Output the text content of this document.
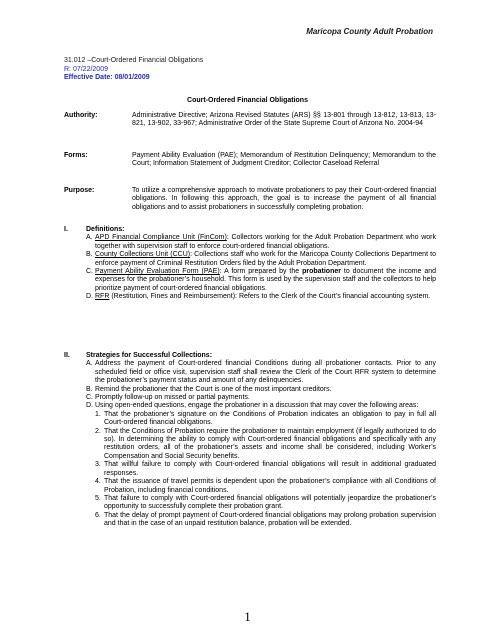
Maricopa County Adult Probation
31.012 –Court-Ordered Financial Obligations
R: 07/22/2009
Effective Date: 08/01/2009
Court-Ordered Financial Obligations
Authority:	Administrative Directive; Arizona Revised Statutes (ARS) §§ 13-801 through 13-812, 13-813, 13-821, 13-902, 33-967; Administrative Order of the State Supreme Court of Arizona No. 2004-94
Forms:	Payment Ability Evaluation (PAE); Memorandum of Restitution Delinquency; Memorandum to the Court; Information Statement of Judgment Creditor; Collector Caseload Referral
Purpose:	To utilize a comprehensive approach to motivate probationers to pay their Court-ordered financial obligations. In following this approach, the goal is to increase the payment of all financial obligations and to assist probationers in successfully completing probation.
I.	Definitions:
A. APD Financial Compliance Unit (FinCom): Collectors working for the Adult Probation Department who work together with supervision staff to enforce court-ordered financial obligations.
B. County Collections Unit (CCU): Collections staff who work for the Maricopa County Collections Department to enforce payment of Criminal Restitution Orders filed by the Adult Probation Department.
C. Payment Ability Evaluation Form (PAE): A form prepared by the probationer to document the income and expenses for the probationer’s household. This form is used by the supervision staff and the collectors to help prioritize payment of court-ordered financial obligations.
D. RFR (Restitution, Fines and Reimbursement): Refers to the Clerk of the Court’s financial accounting system.
II. Strategies for Successful Collections:
A. Address the payment of Court-ordered financial Conditions during all probationer contacts. Prior to any scheduled field or office visit, supervision staff shall review the Clerk of the Court RFR system to determine the probationer’s payment status and amount of any delinquencies.
B. Remind the probationer that the Court is one of the most important creditors.
C. Promptly follow-up on missed or partial payments.
D. Using open-ended questions, engage the probationer in a discussion that may cover the following areas:
1. That the probationer’s signature on the Conditions of Probation indicates an obligation to pay in full all Court-ordered financial obligations.
2. That the Conditions of Probation require the probationer to maintain employment (if legally authorized to do so). In determining the ability to comply with Court-ordered financial obligations and specifically with any restitution orders, all of the probationer’s assets and income shall be considered, including Worker’s Compensation and Social Security benefits.
3. That willful failure to comply with Court-ordered financial obligations will result in additional graduated responses.
4. That the issuance of travel permits is dependent upon the probationer’s compliance with all Conditions of Probation, including financial conditions.
5. That failure to comply with Court-ordered financial obligations will potentially jeopardize the probationer’s opportunity to successfully complete their probation grant.
6. That the delay of prompt payment of Court-ordered financial obligations may prolong probation supervision and that in the case of an unpaid restitution balance, probation will be extended.
1
